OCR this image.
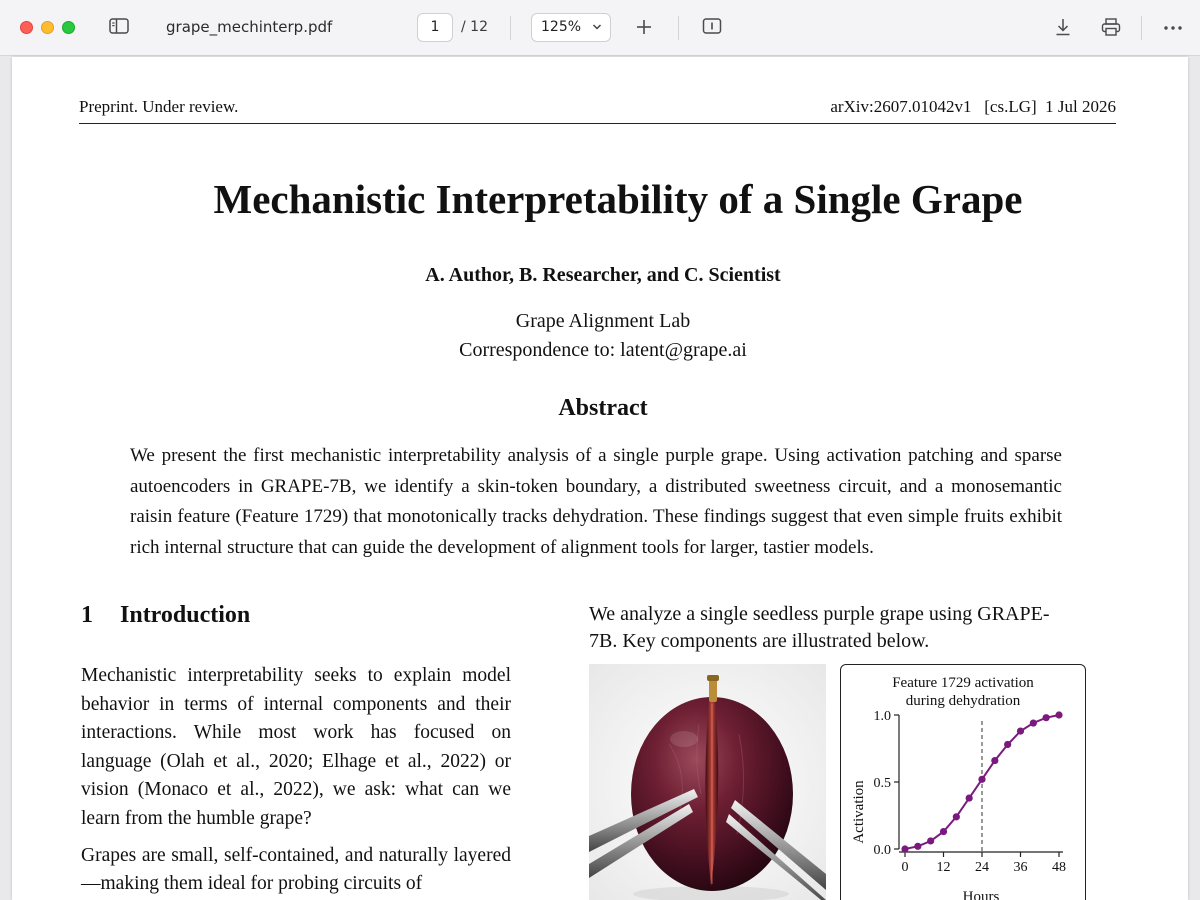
grape_mechinterp.pdf	1	/ 12	125%
Preprint. Under review.	arXiv:2607.01042v1   [cs.LG]  1 Jul 2026
Mechanistic Interpretability of a Single Grape
A. Author, B. Researcher, and C. Scientist
Grape Alignment Lab
Correspondence to: latent@grape.ai
Abstract
We present the first mechanistic interpretability analysis of a single purple grape. Using activation patching and sparse autoencoders in GRAPE-7B, we identify a skin-token boundary, a distributed sweetness circuit, and a monosemantic raisin feature (Feature 1729) that monotonically tracks dehydration. These findings suggest that even simple fruits exhibit rich internal structure that can guide the development of alignment tools for larger, tastier models.
1 Introduction

Mechanistic interpretability seeks to explain model behavior in terms of internal components and their interactions. While most work has focused on language (Olah et al., 2020; Elhage et al., 2022) or vision (Monaco et al., 2022), we ask: what can we learn from the humble grape?

Grapes are small, self-contained, and naturally layered—making them ideal for probing circuits of

We analyze a single seedless purple grape using GRAPE-7B. Key components are illustrated below.
Feature 1729 activation
during dehydration
Activation
Hours
0.0
0.5
1.0
0 12 24 36 48
